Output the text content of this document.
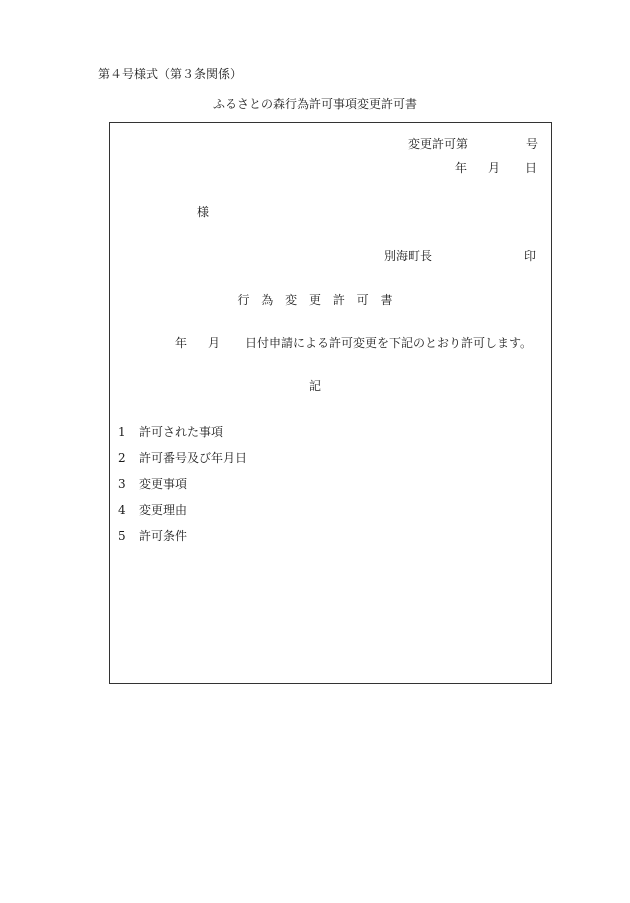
第４号様式（第３条関係）
ふるさとの森行為許可事項変更許可書
変更許可第	号
年 月 日
様
別海町長	印
行 為 変 更 許 可 書
年 月 日付申請による許可変更を下記のとおり許可します。
記
1 許可された事項
2 許可番号及び年月日
3 変更事項
4 変更理由
5 許可条件
